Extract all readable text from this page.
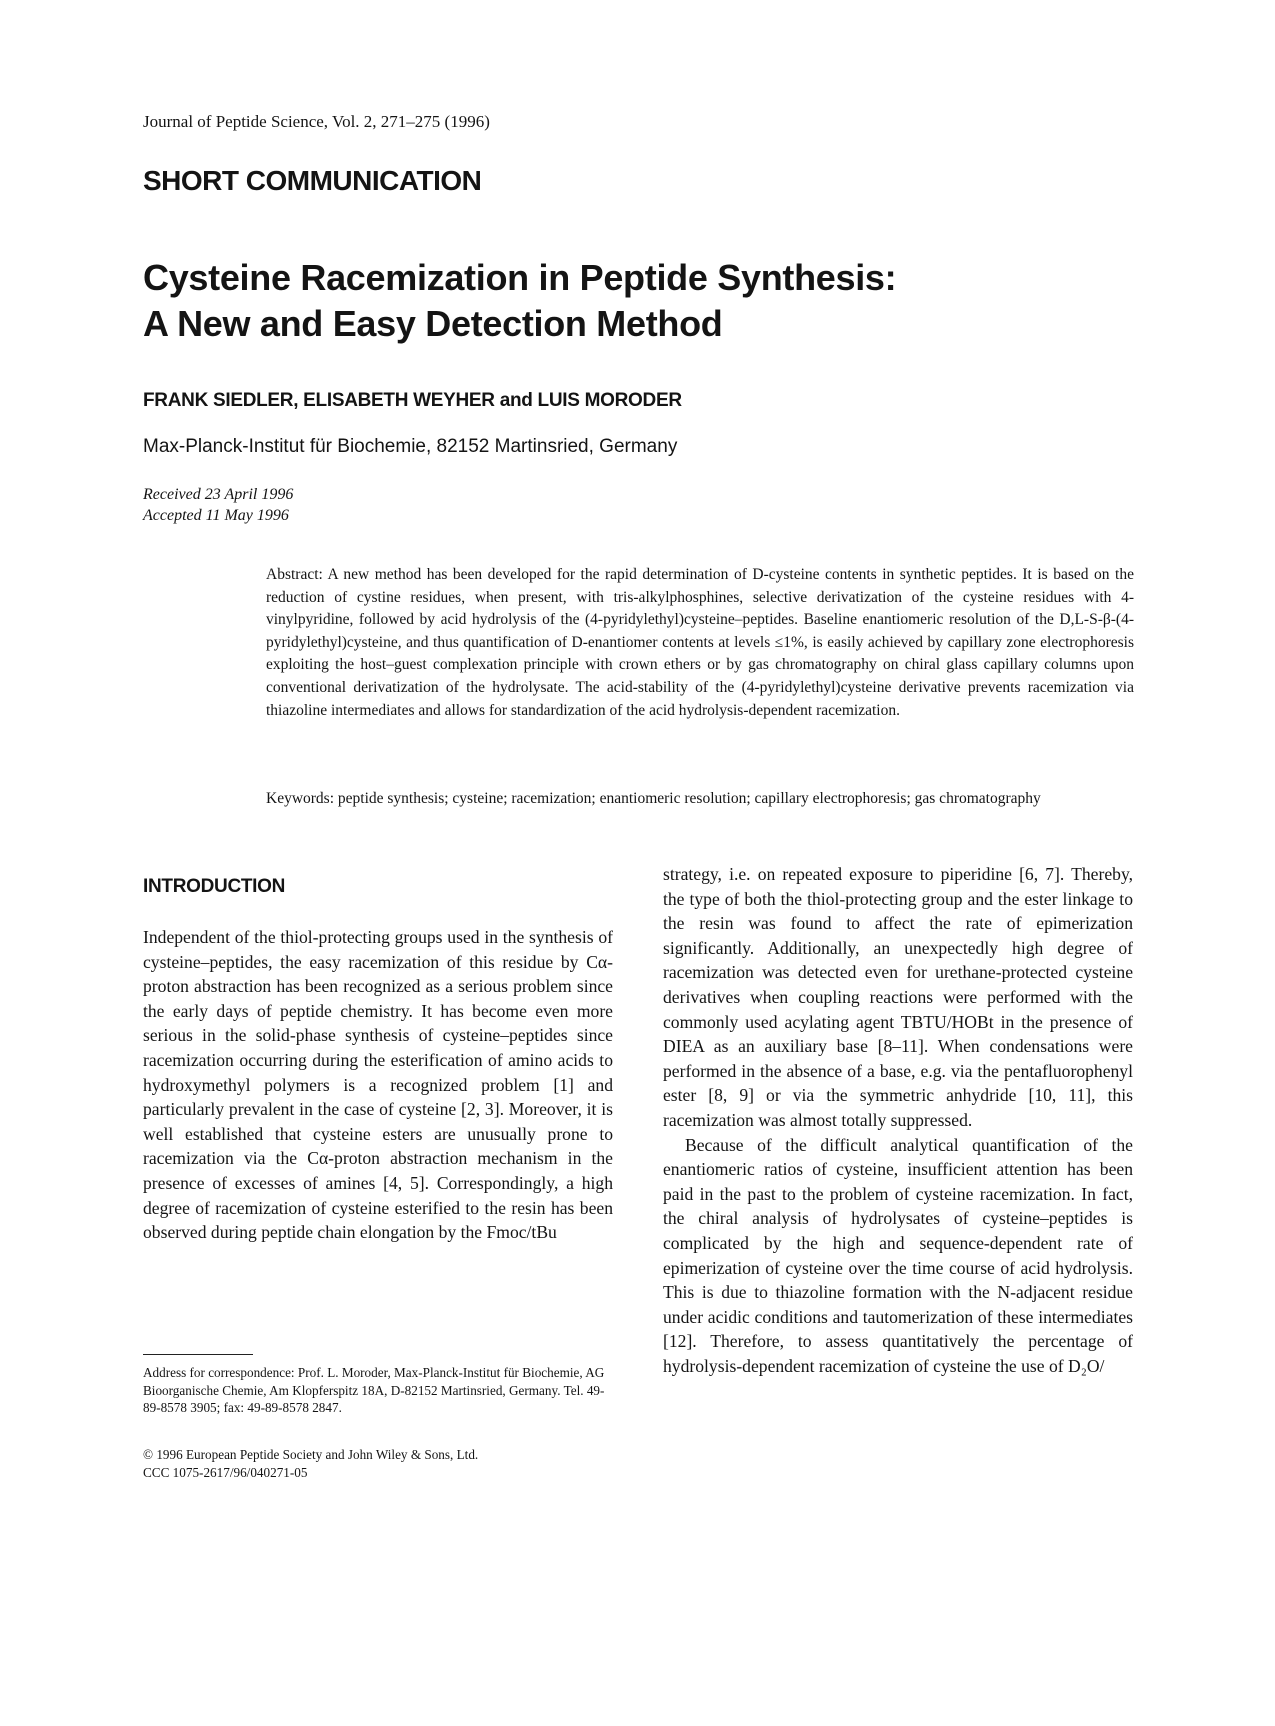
Journal of Peptide Science, Vol. 2, 271–275 (1996)
SHORT COMMUNICATION
Cysteine Racemization in Peptide Synthesis:
A New and Easy Detection Method
FRANK SIEDLER, ELISABETH WEYHER and LUIS MORODER
Max-Planck-Institut für Biochemie, 82152 Martinsried, Germany
Received 23 April 1996
Accepted 11 May 1996
Abstract: A new method has been developed for the rapid determination of D-cysteine contents in synthetic peptides. It is based on the reduction of cystine residues, when present, with tris-alkylphosphines, selective derivatization of the cysteine residues with 4-vinylpyridine, followed by acid hydrolysis of the (4-pyridylethyl)cysteine–peptides. Baseline enantiomeric resolution of the D,L-S-β-(4-pyridylethyl)cysteine, and thus quantification of D-enantiomer contents at levels ≤1%, is easily achieved by capillary zone electrophoresis exploiting the host–guest complexation principle with crown ethers or by gas chromatography on chiral glass capillary columns upon conventional derivatization of the hydrolysate. The acid-stability of the (4-pyridylethyl)cysteine derivative prevents racemization via thiazoline intermediates and allows for standardization of the acid hydrolysis-dependent racemization.
Keywords: peptide synthesis; cysteine; racemization; enantiomeric resolution; capillary electrophoresis; gas chromatography
INTRODUCTION
Independent of the thiol-protecting groups used in the synthesis of cysteine–peptides, the easy racemization of this residue by Cα-proton abstraction has been recognized as a serious problem since the early days of peptide chemistry. It has become even more serious in the solid-phase synthesis of cysteine–peptides since racemization occurring during the esterification of amino acids to hydroxymethyl polymers is a recognized problem [1] and particularly prevalent in the case of cysteine [2, 3]. Moreover, it is well established that cysteine esters are unusually prone to racemization via the Cα-proton abstraction mechanism in the presence of excesses of amines [4, 5]. Correspondingly, a high degree of racemization of cysteine esterified to the resin has been observed during peptide chain elongation by the Fmoc/tBu

strategy, i.e. on repeated exposure to piperidine [6, 7]. Thereby, the type of both the thiol-protecting group and the ester linkage to the resin was found to affect the rate of epimerization significantly. Additionally, an unexpectedly high degree of racemization was detected even for urethane-protected cysteine derivatives when coupling reactions were performed with the commonly used acylating agent TBTU/HOBt in the presence of DIEA as an auxiliary base [8–11]. When condensations were performed in the absence of a base, e.g. via the pentafluorophenyl ester [8, 9] or via the symmetric anhydride [10, 11], this racemization was almost totally suppressed.

Because of the difficult analytical quantification of the enantiomeric ratios of cysteine, insufficient attention has been paid in the past to the problem of cysteine racemization. In fact, the chiral analysis of hydrolysates of cysteine–peptides is complicated by the high and sequence-dependent rate of epimerization of cysteine over the time course of acid hydrolysis. This is due to thiazoline formation with the N-adjacent residue under acidic conditions and tautomerization of these intermediates [12]. Therefore, to assess quantitatively the percentage of hydrolysis-dependent racemization of cysteine the use of D₂O/

Address for correspondence: Prof. L. Moroder, Max-Planck-Institut für Biochemie, AG Bioorganische Chemie, Am Klopferspitz 18A, D-82152 Martinsried, Germany. Tel. 49-89-8578 3905; fax: 49-89-8578 2847.
© 1996 European Peptide Society and John Wiley & Sons, Ltd.
CCC 1075-2617/96/040271-05
